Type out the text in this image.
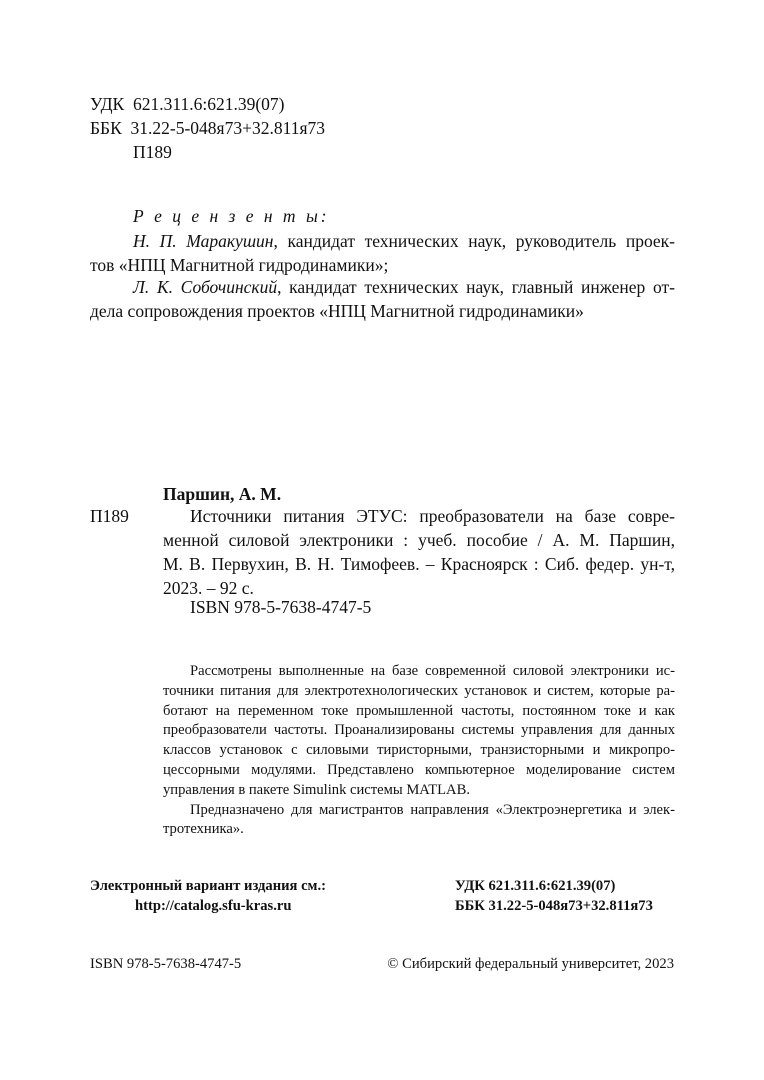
УДК 621.311.6:621.39(07)
ББК 31.22-5-048я73+32.811я73
П189
Р е ц е н з е н т ы:
Н. П. Маракушин, кандидат технических наук, руководитель проек-
тов «НПЦ Магнитной гидродинамики»;
Л. К. Собочинский, кандидат технических наук, главный инженер от-
дела сопровождения проектов «НПЦ Магнитной гидродинамики»
Паршин, А. М.
П189	Источники питания ЭТУС: преобразователи на базе совре-
менной силовой электроники : учеб. пособие / А. М. Паршин,
М. В. Первухин, В. Н. Тимофеев. – Красноярск : Сиб. федер. ун-т,
2023. – 92 с.
ISBN 978-5-7638-4747-5
Рассмотрены выполненные на базе современной силовой электроники ис-
точники питания для электротехнологических установок и систем, которые ра-
ботают на переменном токе промышленной частоты, постоянном токе и как
преобразователи частоты. Проанализированы системы управления для данных
классов установок с силовыми тиристорными, транзисторными и микропро-
цессорными модулями. Представлено компьютерное моделирование систем
управления в пакете Simulink системы MATLAB.
Предназначено для магистрантов направления «Электроэнергетика и элек-
тротехника».
Электронный вариант издания см.:
http://catalog.sfu-kras.ru
УДК 621.311.6:621.39(07)
ББК 31.22-5-048я73+32.811я73
ISBN 978-5-7638-4747-5	© Сибирский федеральный университет, 2023
